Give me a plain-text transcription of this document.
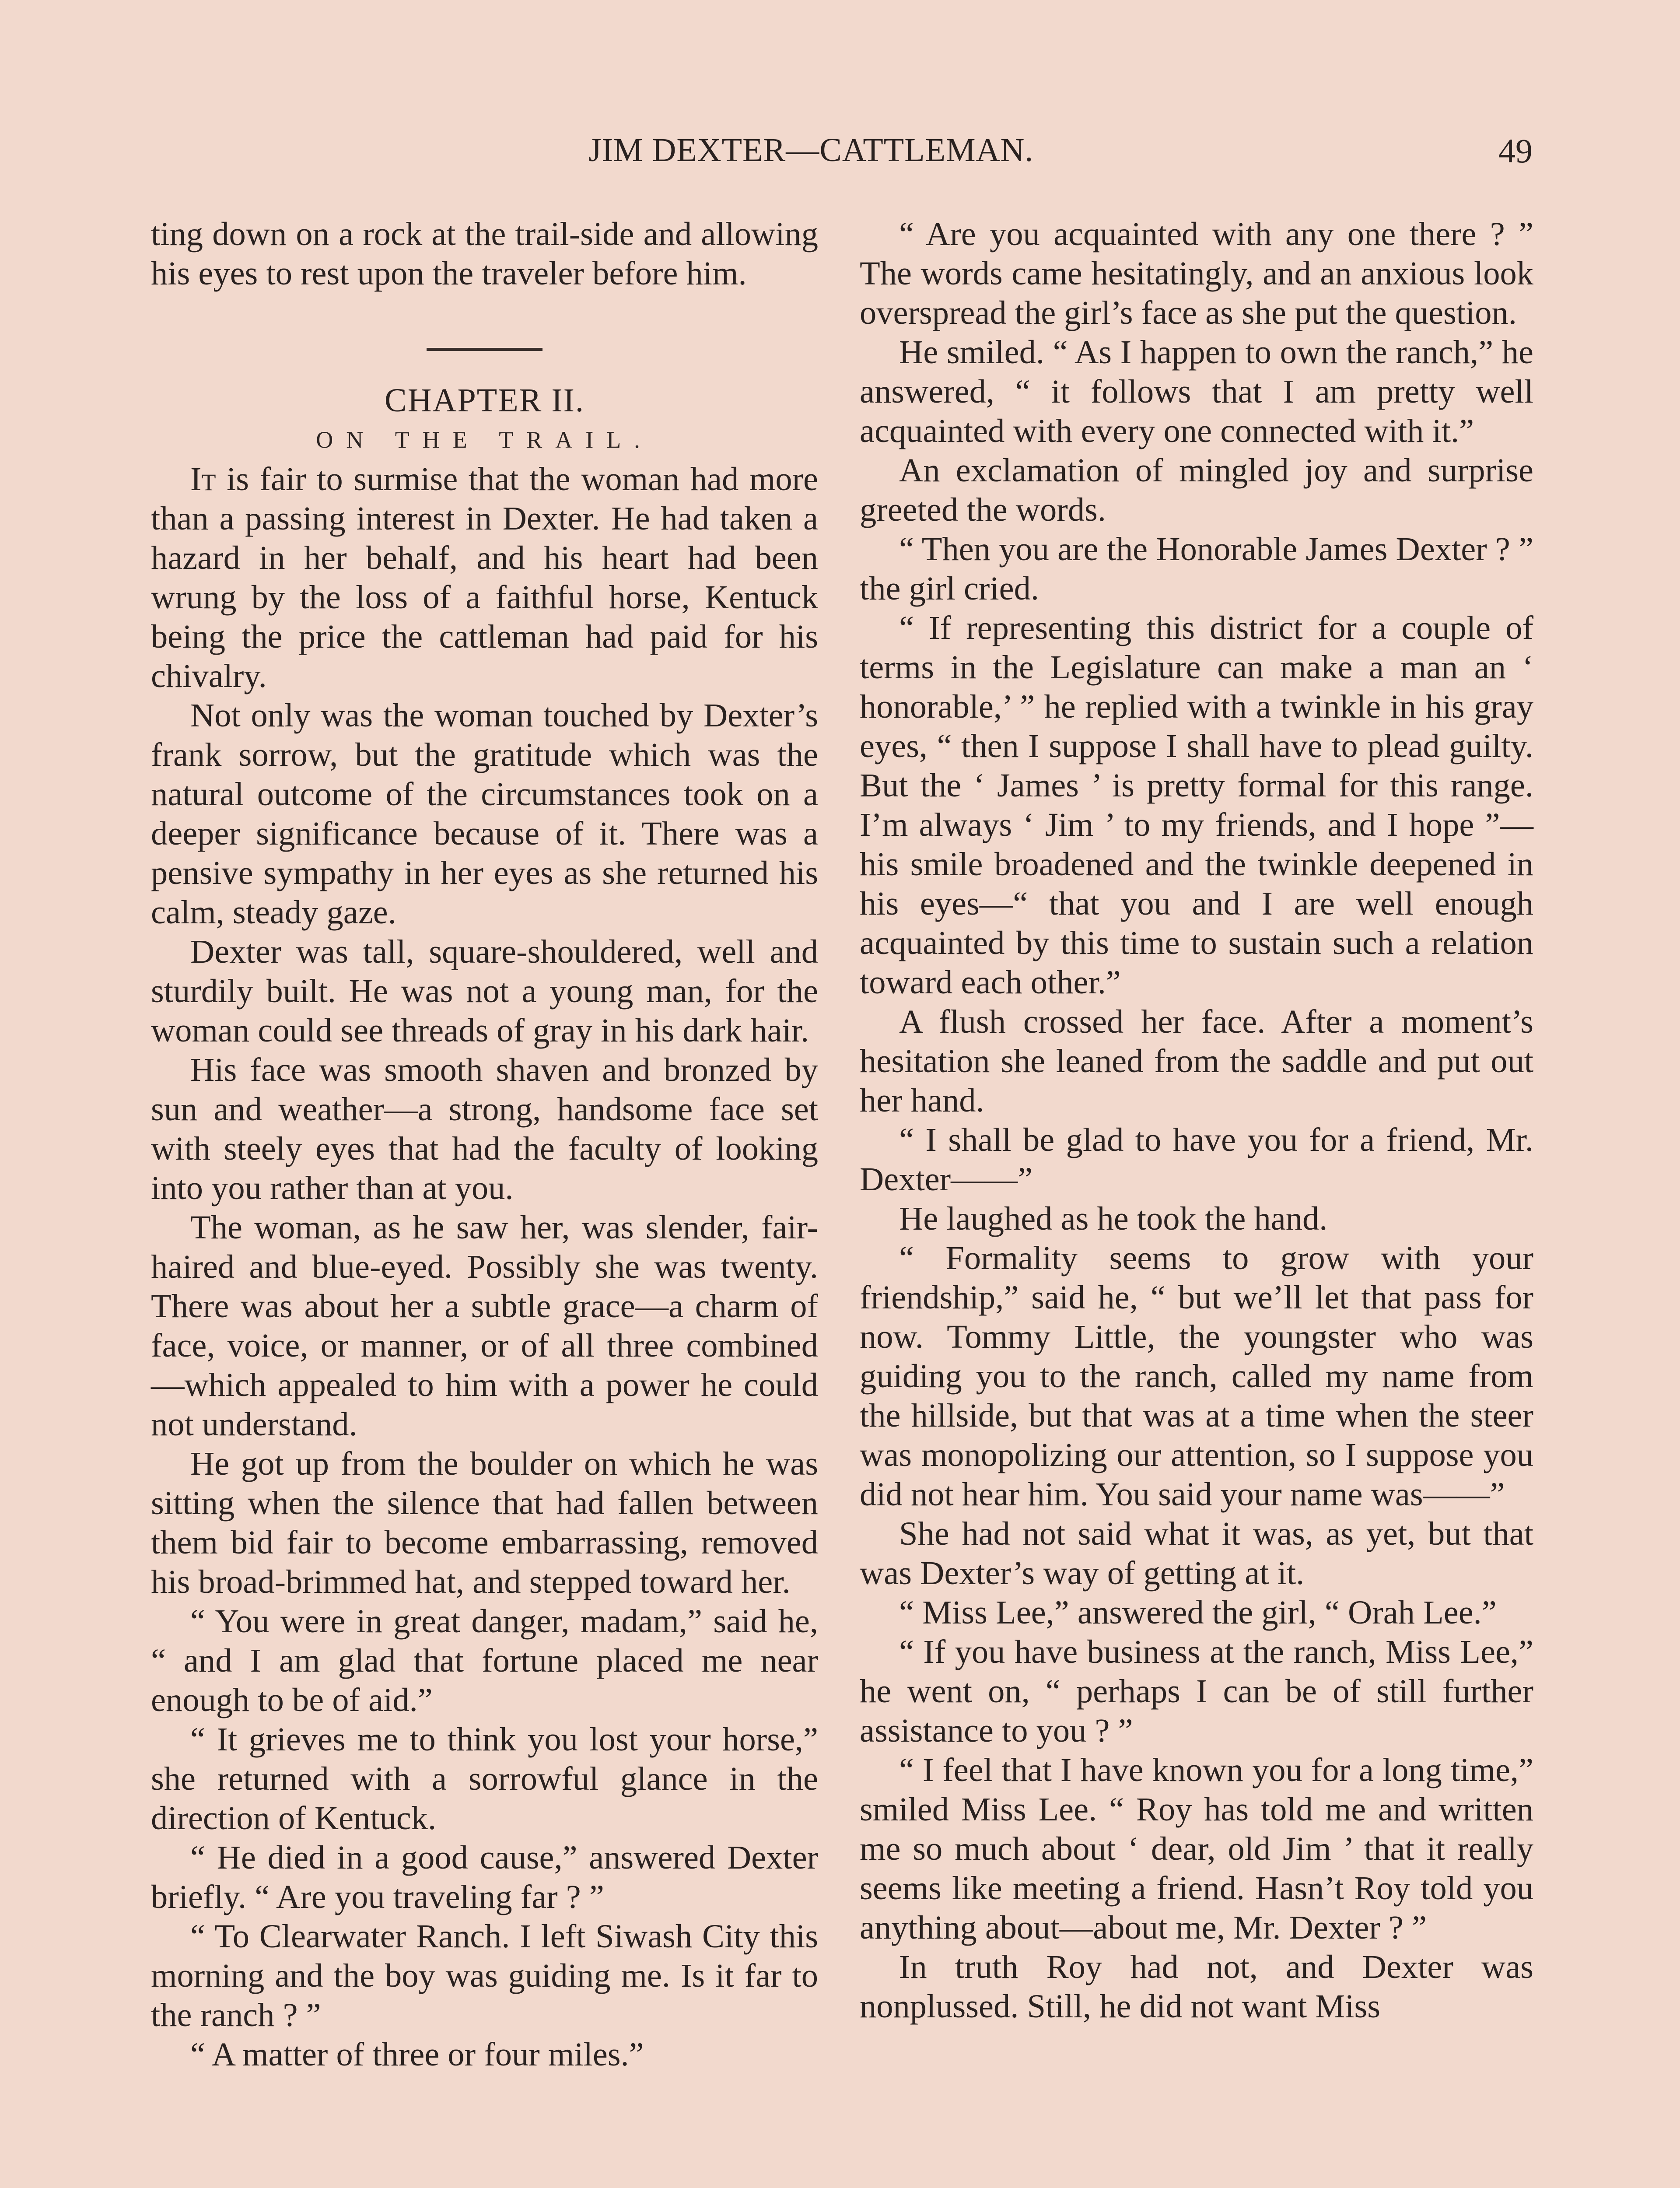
JIM DEXTER—CATTLEMAN.	49

ting down on a rock at the trail-side and allowing his eyes to rest upon the traveler before him.

CHAPTER II.

ON THE TRAIL.

It is fair to surmise that the woman had more than a passing interest in Dexter. He had taken a hazard in her behalf, and his heart had been wrung by the loss of a faithful horse, Kentuck being the price the cattleman had paid for his chivalry.

Not only was the woman touched by Dexter’s frank sorrow, but the gratitude which was the natural outcome of the circumstances took on a deeper significance because of it. There was a pensive sympathy in her eyes as she returned his calm, steady gaze.

Dexter was tall, square-shouldered, well and sturdily built. He was not a young man, for the woman could see threads of gray in his dark hair.

His face was smooth shaven and bronzed by sun and weather—a strong, handsome face set with steely eyes that had the faculty of looking into you rather than at you.

The woman, as he saw her, was slender, fair-haired and blue-eyed. Possibly she was twenty. There was about her a subtle grace—a charm of face, voice, or manner, or of all three combined—which appealed to him with a power he could not understand.

He got up from the boulder on which he was sitting when the silence that had fallen between them bid fair to become embarrassing, removed his broad-brimmed hat, and stepped toward her.

“ You were in great danger, madam,” said he, “ and I am glad that fortune placed me near enough to be of aid.”

“ It grieves me to think you lost your horse,” she returned with a sorrowful glance in the direction of Kentuck.

“ He died in a good cause,” answered Dexter briefly. “ Are you traveling far ? ”

“ To Clearwater Ranch. I left Siwash City this morning and the boy was guiding me. Is it far to the ranch ? ”

“ A matter of three or four miles.”

“ Are you acquainted with any one there ? ” The words came hesitatingly, and an anxious look overspread the girl’s face as she put the question.

He smiled. “ As I happen to own the ranch,” he answered, “ it follows that I am pretty well acquainted with every one connected with it.”

An exclamation of mingled joy and surprise greeted the words.

“ Then you are the Honorable James Dexter ? ” the girl cried.

“ If representing this district for a couple of terms in the Legislature can make a man an ‘ honorable,’ ” he replied with a twinkle in his gray eyes, “ then I suppose I shall have to plead guilty. But the ‘ James ’ is pretty formal for this range. I’m always ‘ Jim ’ to my friends, and I hope ”—his smile broadened and the twinkle deepened in his eyes—“ that you and I are well enough acquainted by this time to sustain such a relation toward each other.”

A flush crossed her face. After a moment’s hesitation she leaned from the saddle and put out her hand.

“ I shall be glad to have you for a friend, Mr. Dexter——”

He laughed as he took the hand.

“ Formality seems to grow with your friendship,” said he, “ but we’ll let that pass for now. Tommy Little, the youngster who was guiding you to the ranch, called my name from the hillside, but that was at a time when the steer was monopolizing our attention, so I suppose you did not hear him. You said your name was——”

She had not said what it was, as yet, but that was Dexter’s way of getting at it.

“ Miss Lee,” answered the girl, “ Orah Lee.”

“ If you have business at the ranch, Miss Lee,” he went on, “ perhaps I can be of still further assistance to you ? ”

“ I feel that I have known you for a long time,” smiled Miss Lee. “ Roy has told me and written me so much about ‘ dear, old Jim ’ that it really seems like meeting a friend. Hasn’t Roy told you anything about—about me, Mr. Dexter ? ”

In truth Roy had not, and Dexter was nonplussed. Still, he did not want Miss
